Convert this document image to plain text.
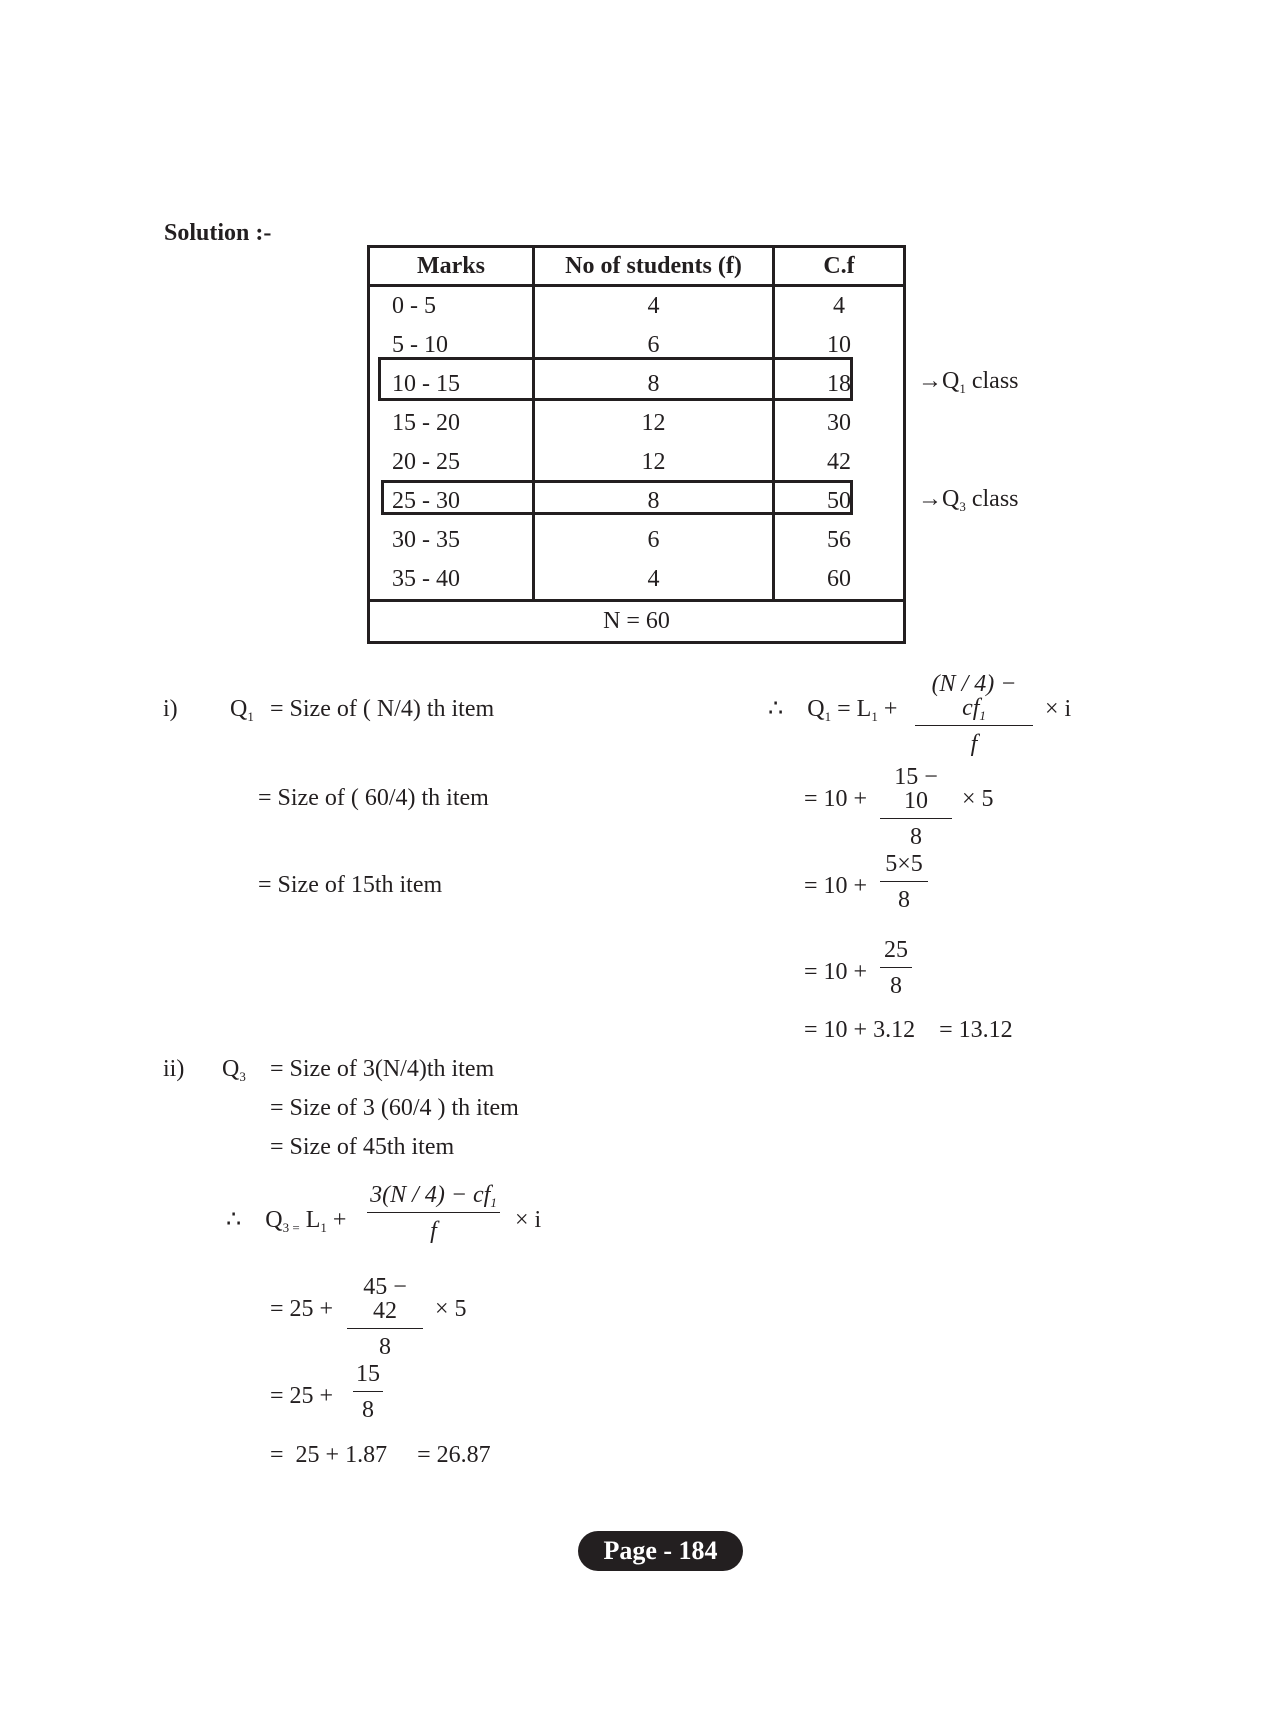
Solution :-
Marks	No of students (f)	C.f
0 - 5	4	4
5 - 10	6	10
10 - 15	8	18
15 - 20	12	30
20 - 25	12	42
25 - 30	8	50
30 - 35	6	56
35 - 40	4	60
N = 60		
$\to Q_1$ class
$\to Q_3$ class
i) $Q_1$ = Size of ( N/4) th item
= Size of ( 60/4) th item
= Size of 15th item
∴ $Q_1 = L_1 + \frac{(N / 4) - cf_1}{f} \times i$
= $10 + \frac{15 - 10}{8} \times 5$
= $10 + \frac{5\times 5}{8}$
= $10 + \frac{25}{8}$
= 10 + 3.12    = 13.12
ii) $Q_3$ = Size of 3(N/4)th item
= Size of 3 (60/4 ) th item
= Size of 45th item
∴ $Q_{3 =}$ $L_1 + \frac{3(N / 4) - cf_1}{f} \times i$
= $25 + \frac{45 - 42}{8} \times 5$
= $25 + \frac{15}{8}$
=  25 + 1.87     = 26.87
Page - 184
